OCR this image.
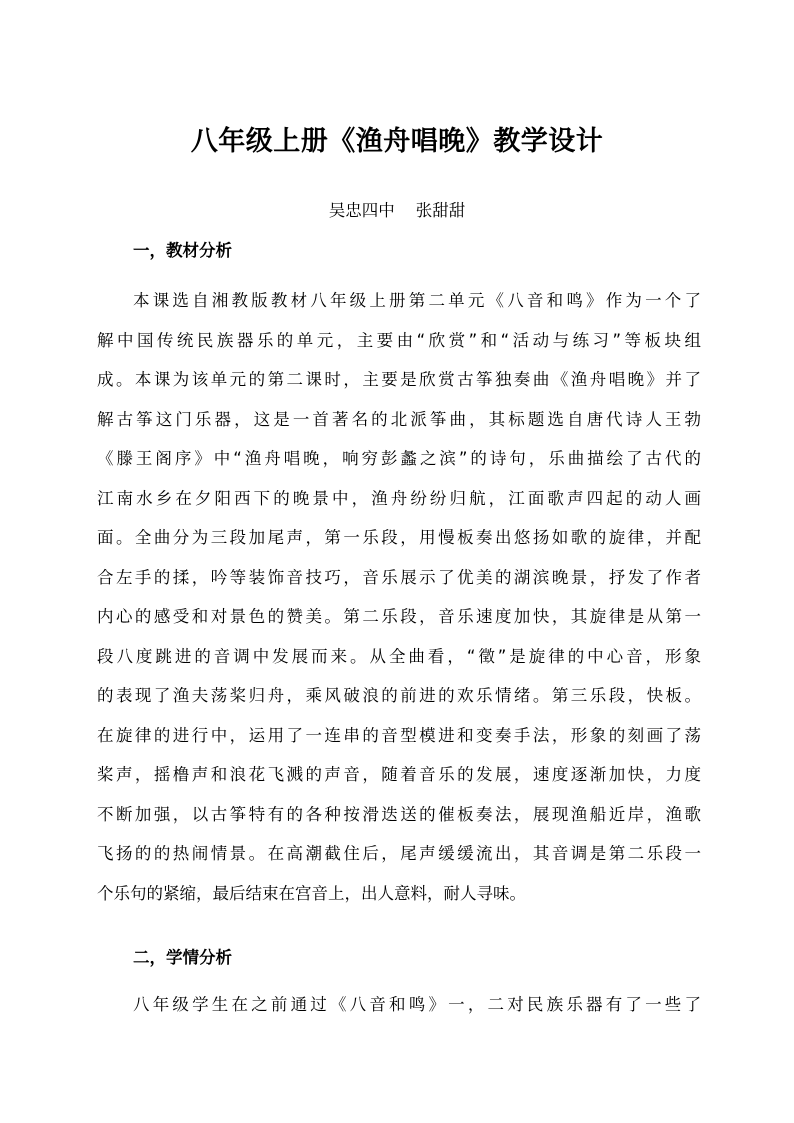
八年级上册《渔舟唱晚》教学设计
吴忠四中    张甜甜
一，教材分析
本课选自湘教版教材八年级上册第二单元《八音和鸣》作为一个了
解中国传统民族器乐的单元，主要由“欣赏”和“活动与练习”等板块组
成。本课为该单元的第二课时，主要是欣赏古筝独奏曲《渔舟唱晚》并了
解古筝这门乐器，这是一首著名的北派筝曲，其标题选自唐代诗人王勃
《滕王阁序》中“渔舟唱晚，响穷彭蠡之滨”的诗句，乐曲描绘了古代的
江南水乡在夕阳西下的晚景中，渔舟纷纷归航，江面歌声四起的动人画
面。全曲分为三段加尾声，第一乐段，用慢板奏出悠扬如歌的旋律，并配
合左手的揉，吟等装饰音技巧，音乐展示了优美的湖滨晚景，抒发了作者
内心的感受和对景色的赞美。第二乐段，音乐速度加快，其旋律是从第一
段八度跳进的音调中发展而来。从全曲看，“徵”是旋律的中心音，形象
的表现了渔夫荡桨归舟，乘风破浪的前进的欢乐情绪。第三乐段，快板。
在旋律的进行中，运用了一连串的音型模进和变奏手法，形象的刻画了荡
桨声，摇橹声和浪花飞溅的声音，随着音乐的发展，速度逐渐加快，力度
不断加强，以古筝特有的各种按滑迭送的催板奏法，展现渔船近岸，渔歌
飞扬的的热闹情景。在高潮截住后，尾声缓缓流出，其音调是第二乐段一
个乐句的紧缩，最后结束在宫音上，出人意料，耐人寻味。
二，学情分析
八年级学生在之前通过《八音和鸣》一，二对民族乐器有了一些了
